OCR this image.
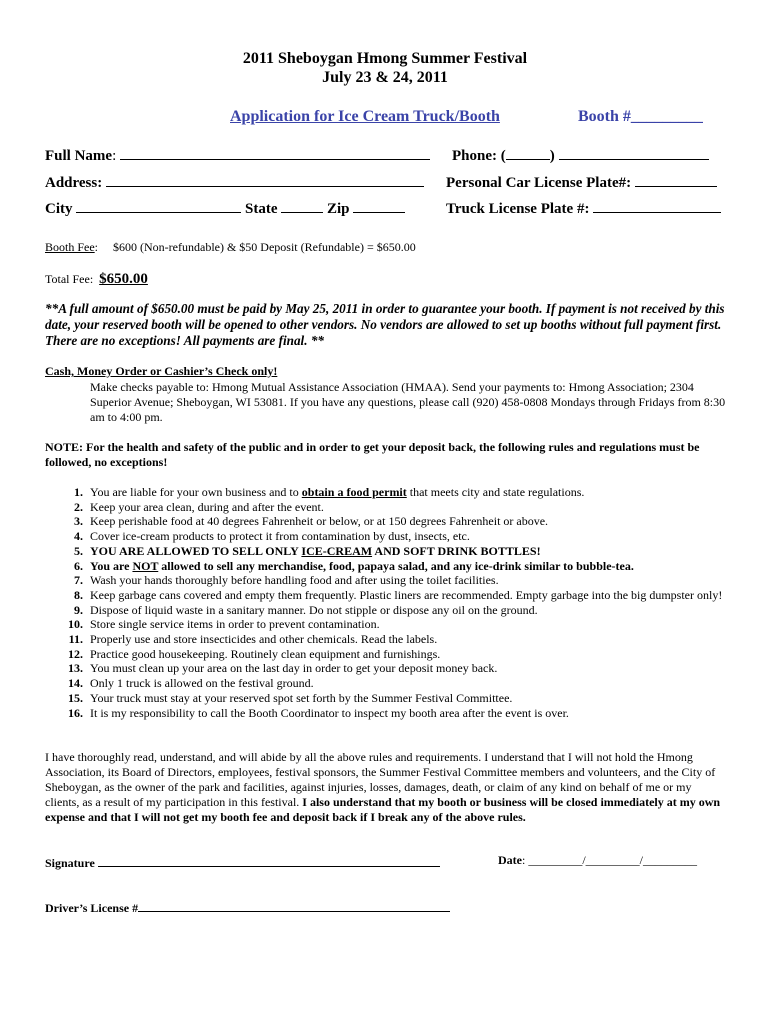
2011 Sheboygan Hmong Summer Festival
July 23 & 24, 2011
Application for Ice Cream Truck/Booth	Booth #_________
Full Name:	Phone: (	)
Address:	Personal Car License Plate#:
City	State	Zip	Truck License Plate #:
Booth Fee:     $600 (Non-refundable) & $50 Deposit (Refundable) = $650.00
Total Fee: $650.00
**A full amount of $650.00 must be paid by May 25, 2011 in order to guarantee your booth. If payment is not received by this date, your reserved booth will be opened to other vendors. No vendors are allowed to set up booths without full payment first. There are no exceptions! All payments are final. **
Cash, Money Order or Cashier’s Check only!
Make checks payable to: Hmong Mutual Assistance Association (HMAA). Send your payments to: Hmong Association; 2304 Superior Avenue; Sheboygan, WI 53081. If you have any questions, please call (920) 458-0808 Mondays through Fridays from 8:30 am to 4:00 pm.
NOTE: For the health and safety of the public and in order to get your deposit back, the following rules and regulations must be followed, no exceptions!
1. You are liable for your own business and to obtain a food permit that meets city and state regulations.
2. Keep your area clean, during and after the event.
3. Keep perishable food at 40 degrees Fahrenheit or below, or at 150 degrees Fahrenheit or above.
4. Cover ice-cream products to protect it from contamination by dust, insects, etc.
5. YOU ARE ALLOWED TO SELL ONLY ICE-CREAM AND SOFT DRINK BOTTLES!
6. You are NOT allowed to sell any merchandise, food, papaya salad, and any ice-drink similar to bubble-tea.
7. Wash your hands thoroughly before handling food and after using the toilet facilities.
8. Keep garbage cans covered and empty them frequently. Plastic liners are recommended. Empty garbage into the big dumpster only!
9. Dispose of liquid waste in a sanitary manner. Do not stipple or dispose any oil on the ground.
10. Store single service items in order to prevent contamination.
11. Properly use and store insecticides and other chemicals. Read the labels.
12. Practice good housekeeping. Routinely clean equipment and furnishings.
13. You must clean up your area on the last day in order to get your deposit money back.
14. Only 1 truck is allowed on the festival ground.
15. Your truck must stay at your reserved spot set forth by the Summer Festival Committee.
16. It is my responsibility to call the Booth Coordinator to inspect my booth area after the event is over.
I have thoroughly read, understand, and will abide by all the above rules and requirements. I understand that I will not hold the Hmong Association, its Board of Directors, employees, festival sponsors, the Summer Festival Committee members and volunteers, and the City of Sheboygan, as the owner of the park and facilities, against injuries, losses, damages, death, or claim of any kind on behalf of me or my clients, as a result of my participation in this festival. I also understand that my booth or business will be closed immediately at my own expense and that I will not get my booth fee and deposit back if I break any of the above rules.
Signature	Date: _________/_________/_________
Driver’s License #
